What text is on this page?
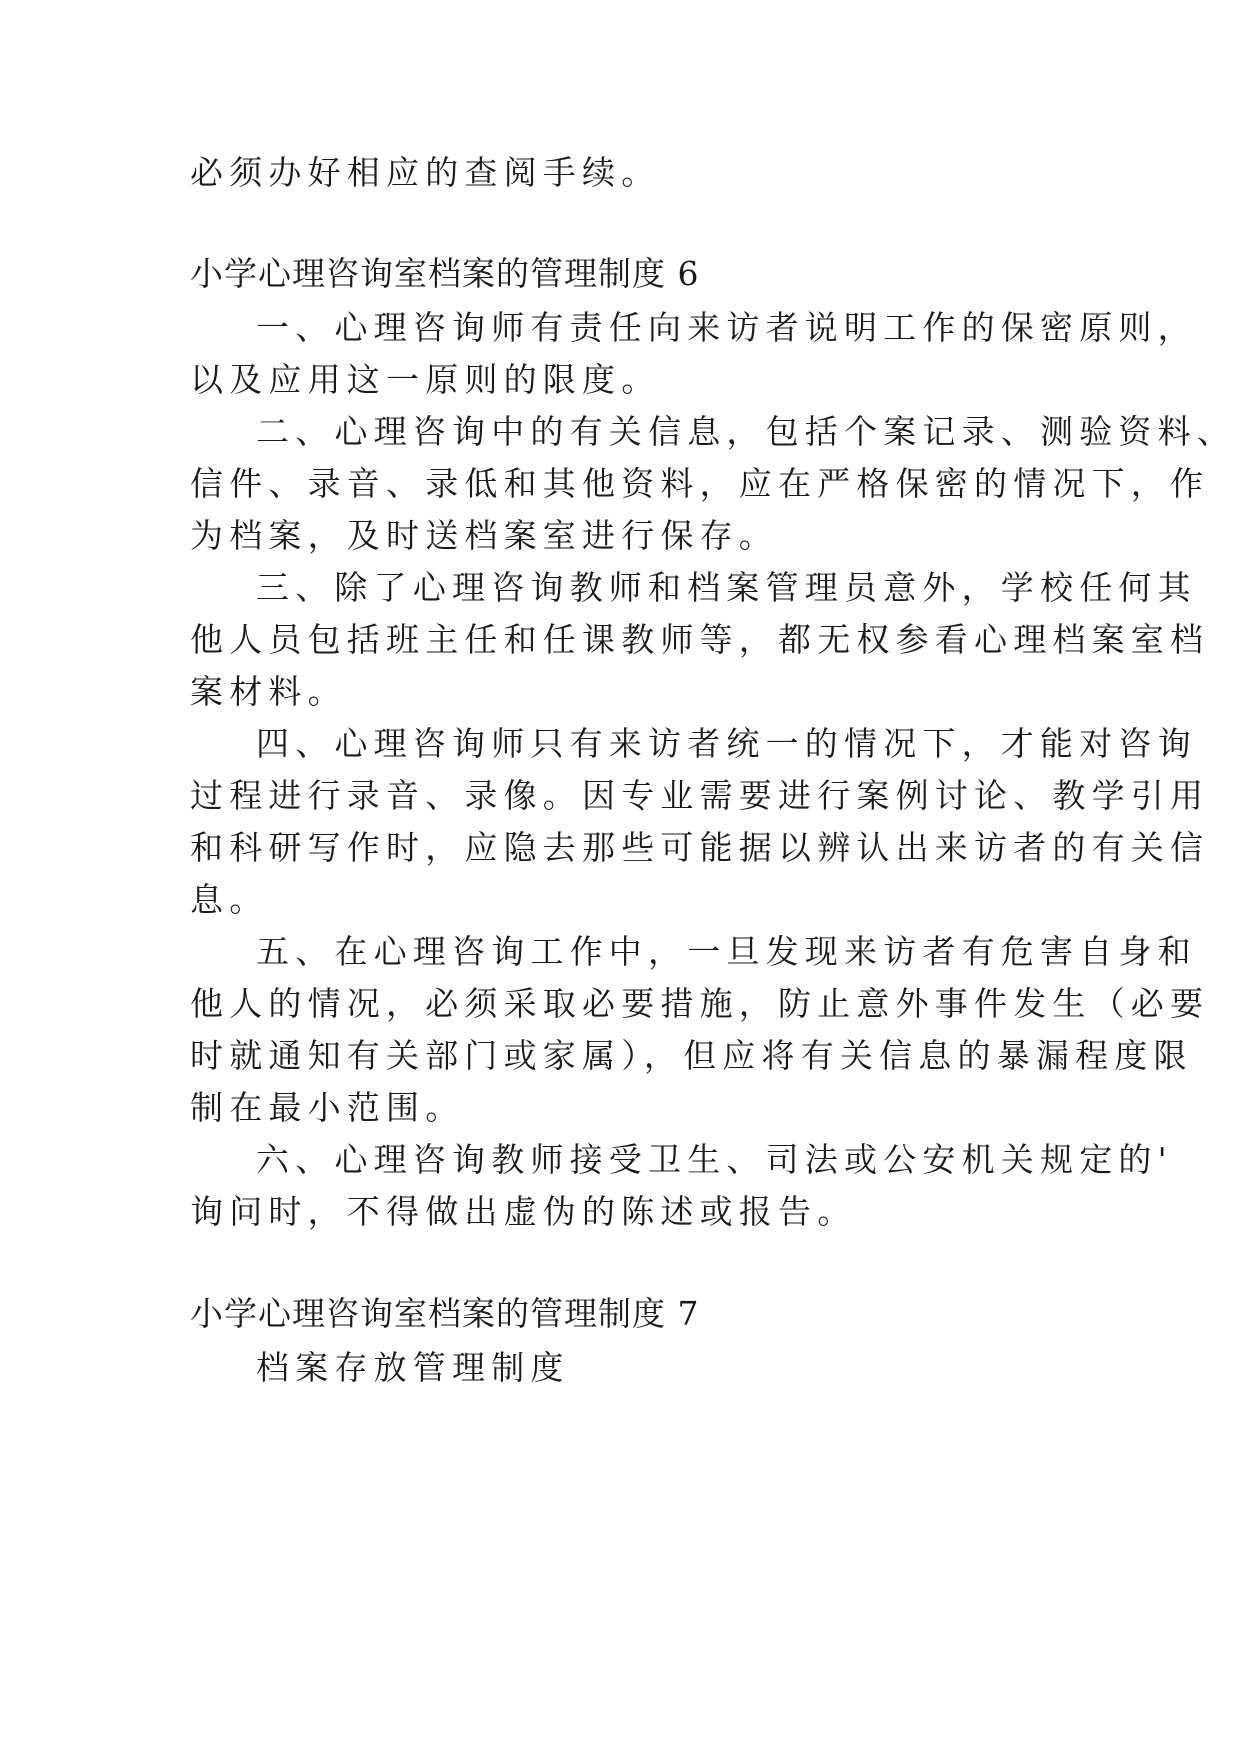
必须办好相应的查阅手续。
小学心理咨询室档案的管理制度 6
一、心理咨询师有责任向来访者说明工作的保密原则，
以及应用这一原则的限度。
二、心理咨询中的有关信息，包括个案记录、测验资料、
信件、录音、录低和其他资料，应在严格保密的情况下，作
为档案，及时送档案室进行保存。
三、除了心理咨询教师和档案管理员意外，学校任何其
他人员包括班主任和任课教师等，都无权参看心理档案室档
案材料。
四、心理咨询师只有来访者统一的情况下，才能对咨询
过程进行录音、录像。因专业需要进行案例讨论、教学引用
和科研写作时，应隐去那些可能据以辨认出来访者的有关信
息。
五、在心理咨询工作中，一旦发现来访者有危害自身和
他人的情况，必须采取必要措施，防止意外事件发生（必要
时就通知有关部门或家属），但应将有关信息的暴漏程度限
制在最小范围。
六、心理咨询教师接受卫生、司法或公安机关规定的'
询问时，不得做出虚伪的陈述或报告。
小学心理咨询室档案的管理制度 7
档案存放管理制度
